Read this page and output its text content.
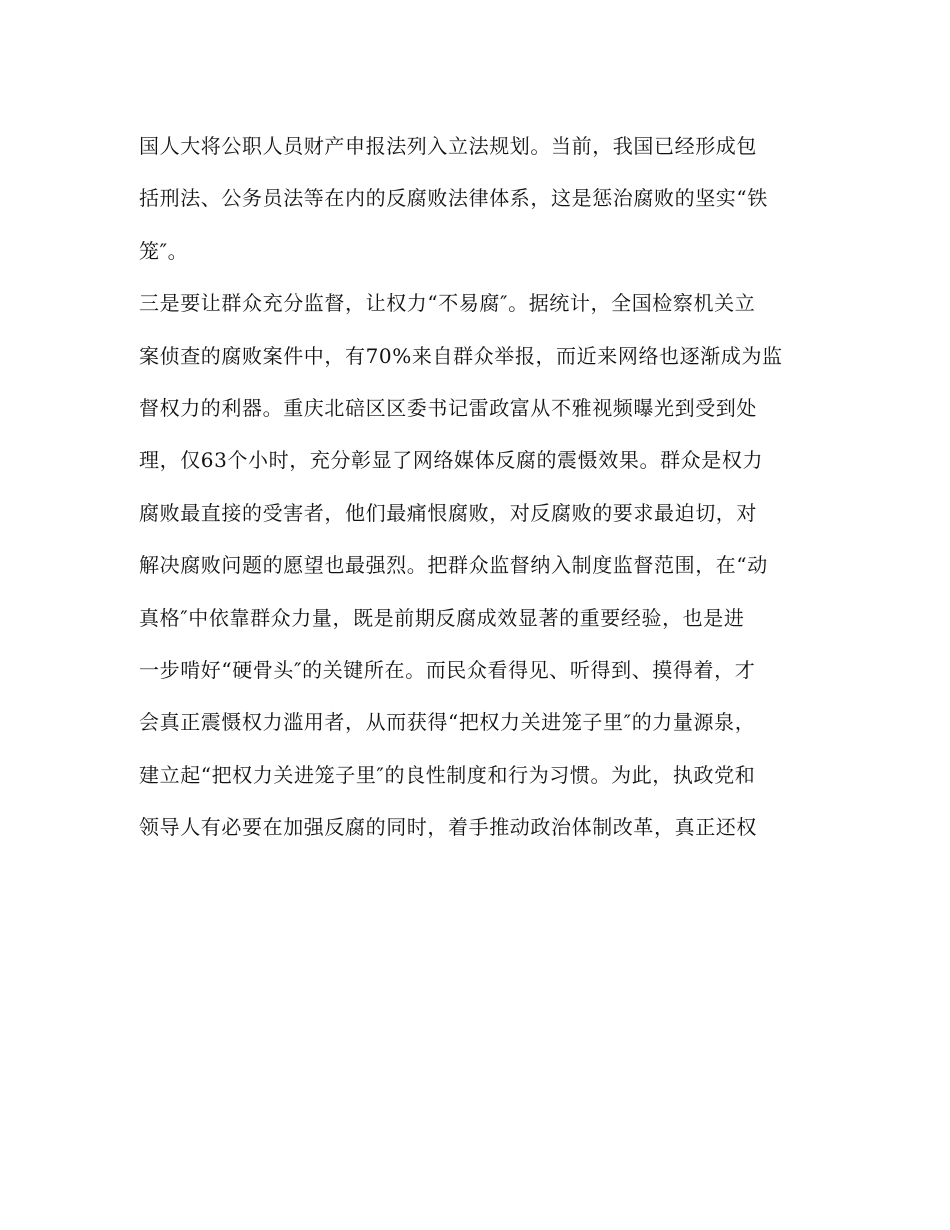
国人大将公职人员财产申报法列入立法规划。当前，我国已经形成包
括刑法、公务员法等在内的反腐败法律体系，这是惩治腐败的坚实“铁
笼″。
三是要让群众充分监督，让权力“不易腐″。据统计，全国检察机关立
案侦查的腐败案件中，有70%来自群众举报，而近来网络也逐渐成为监
督权力的利器。重庆北碚区区委书记雷政富从不雅视频曝光到受到处
理，仅63个小时，充分彰显了网络媒体反腐的震慑效果。群众是权力
腐败最直接的受害者，他们最痛恨腐败，对反腐败的要求最迫切，对
解决腐败问题的愿望也最强烈。把群众监督纳入制度监督范围，在“动
真格″中依靠群众力量，既是前期反腐成效显著的重要经验，也是进
一步啃好“硬骨头″的关键所在。而民众看得见、听得到、摸得着，才
会真正震慑权力滥用者，从而获得“把权力关进笼子里″的力量源泉，
建立起“把权力关进笼子里″的良性制度和行为习惯。为此，执政党和
领导人有必要在加强反腐的同时，着手推动政治体制改革，真正还权
